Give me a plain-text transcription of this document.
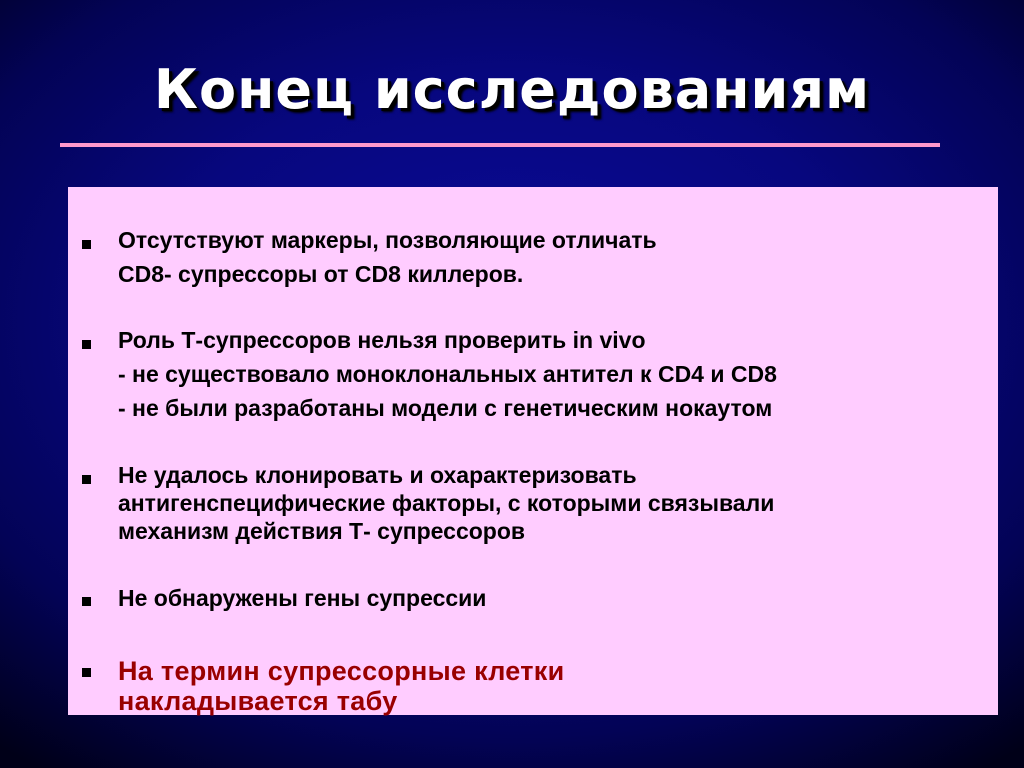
Конец исследованиям
Отсутствуют маркеры, позволяющие отличать
CD8- супрессоры от CD8 киллеров.
Роль Т-супрессоров нельзя проверить in vivo
- не существовало моноклональных антител к CD4 и CD8
- не были разработаны модели с генетическим нокаутом
Не удалось клонировать и охарактеризовать
антигенспецифические факторы, с которыми связывали
механизм действия Т- супрессоров
Не обнаружены гены супрессии
На термин супрессорные клетки
накладывается табу
